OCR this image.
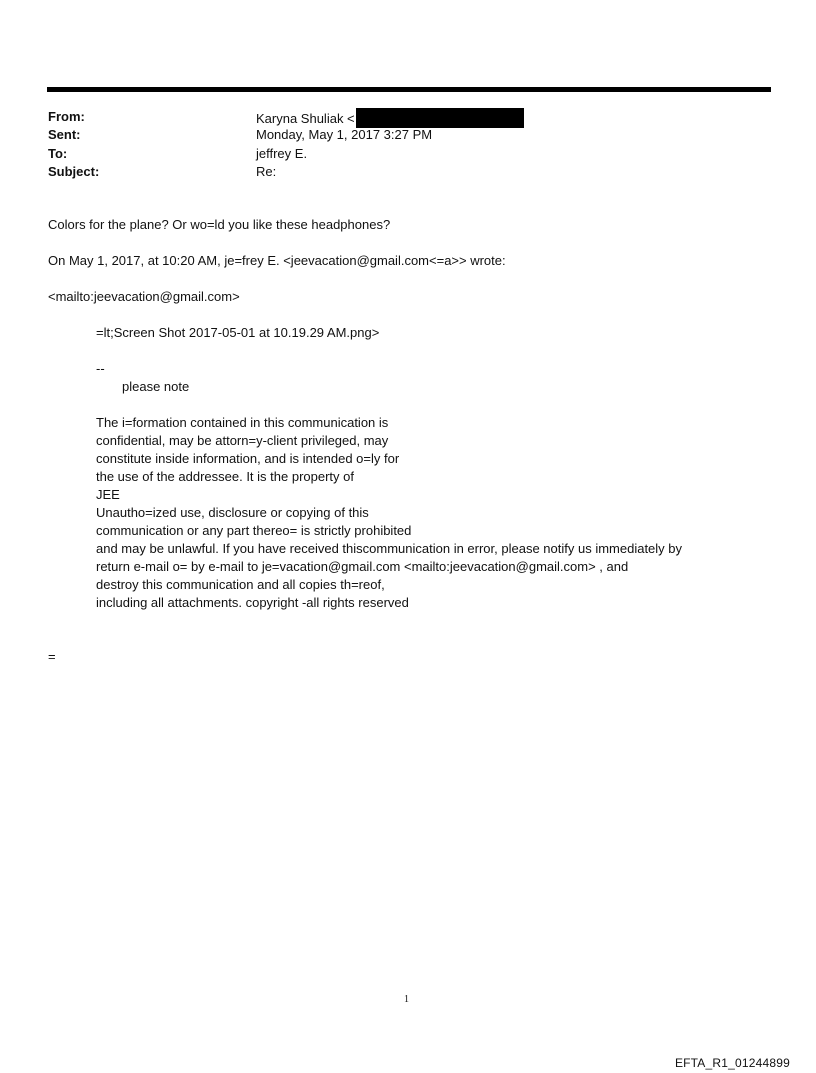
From:	Karyna Shuliak <
Sent:	Monday, May 1, 2017 3:27 PM
To:	jeffrey E.
Subject:	Re:
Colors for the plane? Or wo=ld you like these headphones?
On May 1, 2017, at 10:20 AM, je=frey E. <jeevacation@gmail.com<=a>> wrote:
<mailto:jeevacation@gmail.com>
=lt;Screen Shot 2017-05-01 at 10.19.29 AM.png>
--
please note
The i=formation contained in this communication is
confidential, may be attorn=y-client privileged, may
constitute inside information, and is intended o=ly for
the use of the addressee. It is the property of
JEE
Unautho=ized use, disclosure or copying of this
communication or any part thereo= is strictly prohibited
and may be unlawful. If you have received thiscommunication in error, please notify us immediately by
return e-mail o= by e-mail to je=vacation@gmail.com <mailto:jeevacation@gmail.com> , and
destroy this communication and all copies th=reof,
including all attachments. copyright -all rights reserved
=
1
EFTA_R1_01244899
